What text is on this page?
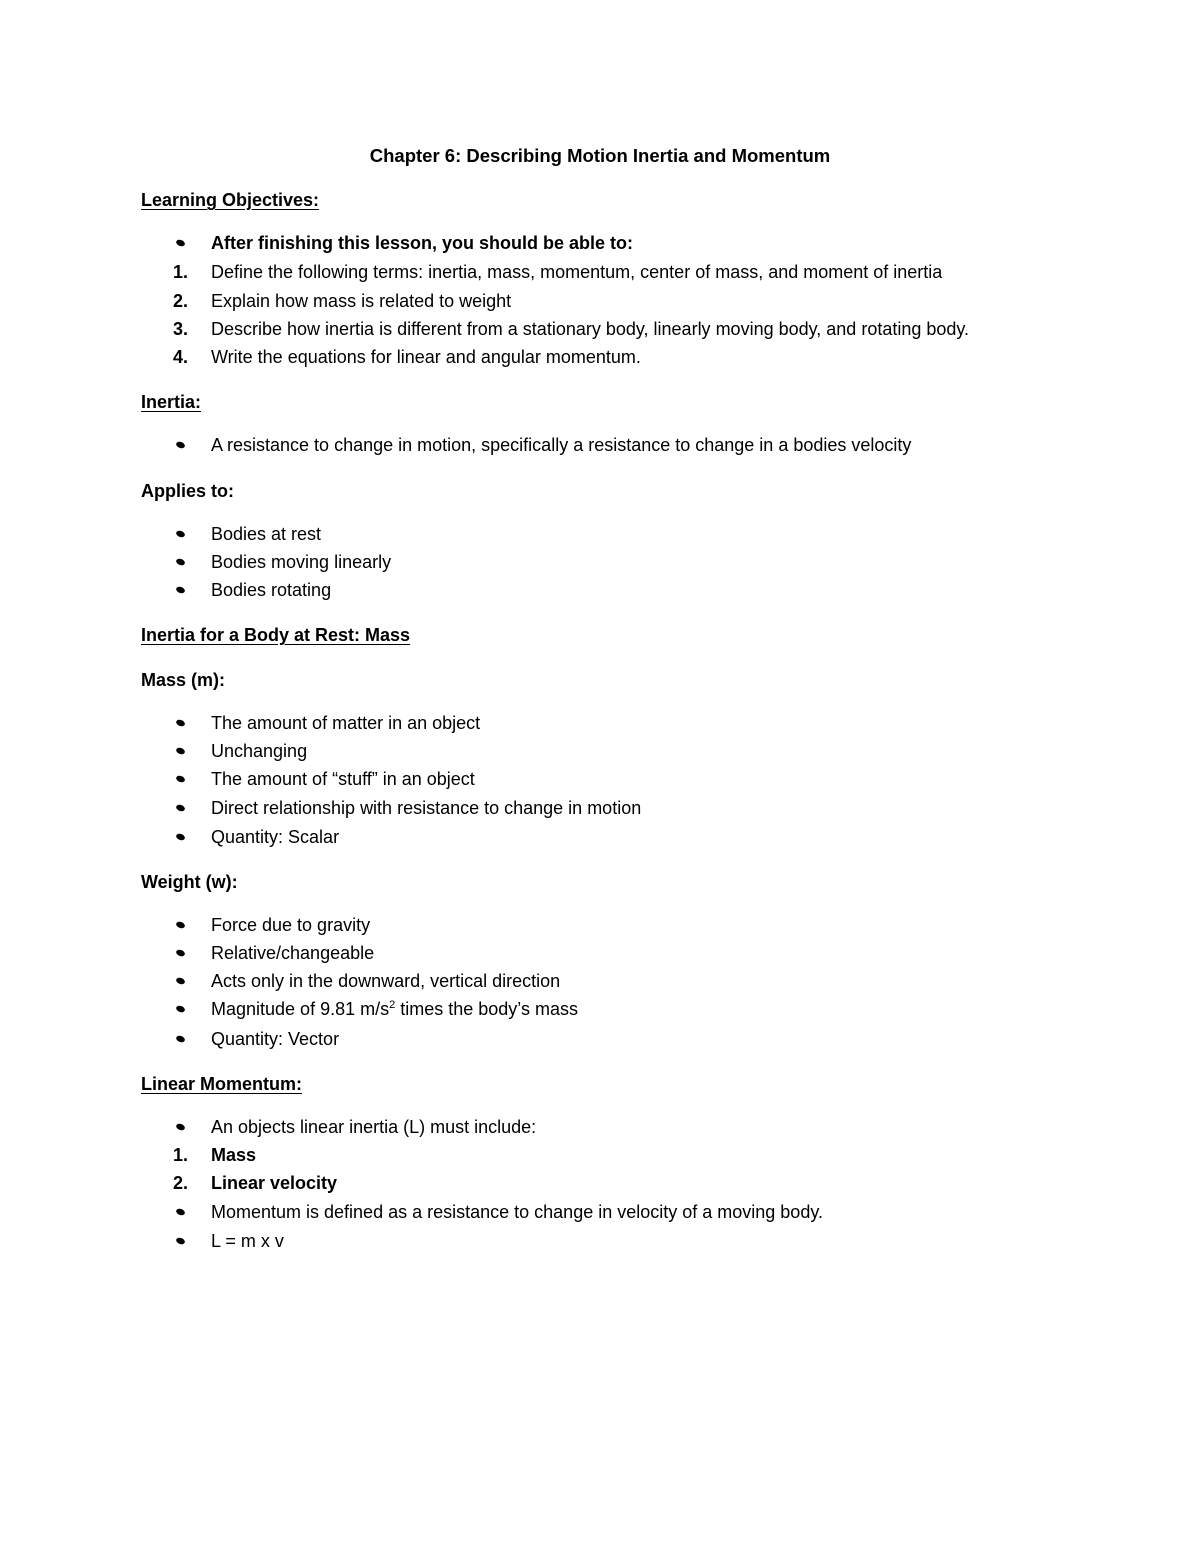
Chapter 6: Describing Motion Inertia and Momentum
Learning Objectives:
After finishing this lesson, you should be able to:
1.	Define the following terms: inertia, mass, momentum, center of mass, and moment of inertia
2.	Explain how mass is related to weight
3.	Describe how inertia is different from a stationary body, linearly moving body, and rotating body.
4.	Write the equations for linear and angular momentum.
Inertia:
A resistance to change in motion, specifically a resistance to change in a bodies velocity
Applies to:
Bodies at rest
Bodies moving linearly
Bodies rotating
Inertia for a Body at Rest: Mass
Mass (m):
The amount of matter in an object
Unchanging
The amount of “stuff” in an object
Direct relationship with resistance to change in motion
Quantity: Scalar
Weight (w):
Force due to gravity
Relative/changeable
Acts only in the downward, vertical direction
Magnitude of 9.81 $m/s^2$ times the body’s mass
Quantity: Vector
Linear Momentum:
An objects linear inertia (L) must include:
1.	Mass
2.	Linear velocity
Momentum is defined as a resistance to change in velocity of a moving body.
L = m x v
